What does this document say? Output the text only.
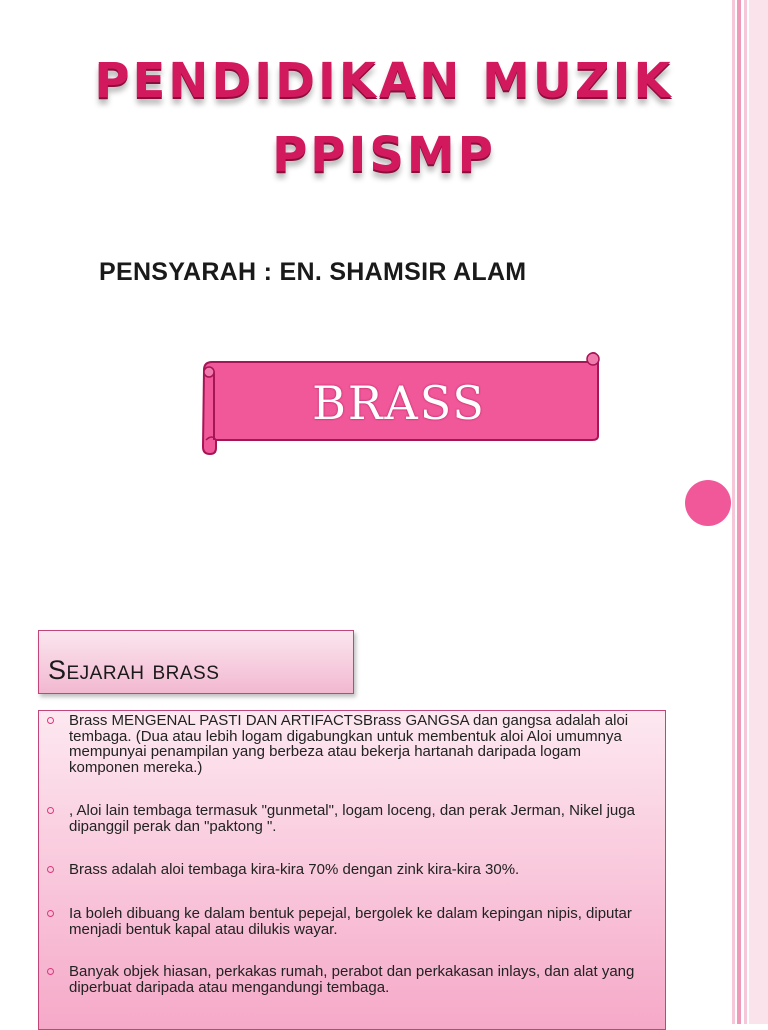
PENDIDIKAN MUZIK
PPISMP

PENSYARAH : EN. SHAMSIR ALAM

BRASS
Sejarah brass
Brass MENGENAL PASTI DAN ARTIFACTSBrass GANGSA dan gangsa adalah aloi tembaga. (Dua atau lebih logam digabungkan untuk membentuk aloi Aloi umumnya mempunyai penampilan yang berbeza atau bekerja hartanah daripada logam komponen mereka.)
, Aloi lain tembaga termasuk "gunmetal", logam loceng, dan perak Jerman, Nikel juga dipanggil perak dan "paktong ".
Brass adalah aloi tembaga kira-kira 70% dengan zink kira-kira 30%.
Ia boleh dibuang ke dalam bentuk pepejal, bergolek ke dalam kepingan nipis, diputar menjadi bentuk kapal atau dilukis wayar.
Banyak objek hiasan, perkakas rumah, perabot dan perkakasan inlays, dan alat yang diperbuat daripada atau mengandungi tembaga.
